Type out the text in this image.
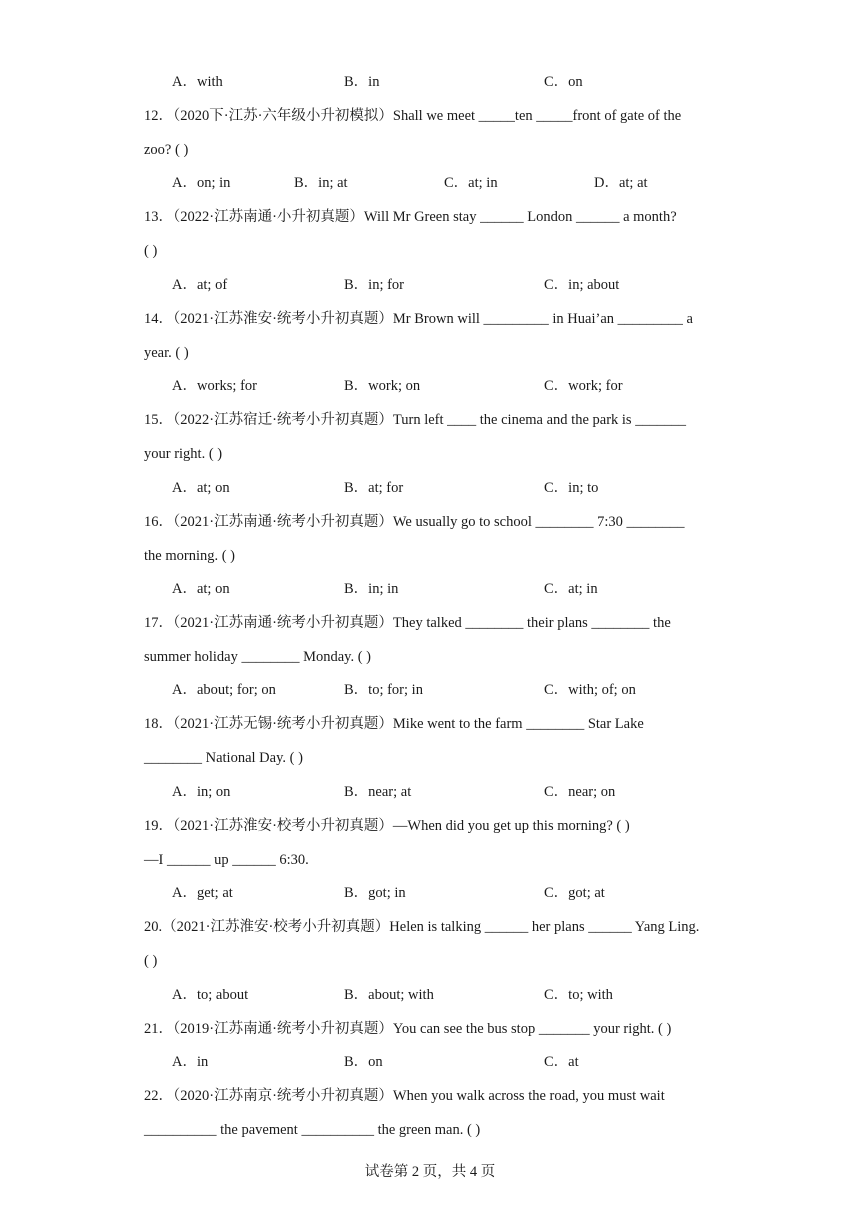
A．with	B．in	C．on
12．（2020下·江苏·六年级小升初模拟）Shall we meet _____ten _____front of gate of the
zoo? ( )
A．on; in	B．in; at	C．at; in	D．at; at
13．（2022·江苏南通·小升初真题）Will Mr Green stay ______ London ______ a month?
( )
A．at; of	B．in; for	C．in; about
14．（2021·江苏淮安·统考小升初真题）Mr Brown will _________ in Huai’an _________ a
year. ( )
A．works; for	B．work; on	C．work; for
15．（2022·江苏宿迁·统考小升初真题）Turn left ____ the cinema and the park is _______
your right. ( )
A．at; on	B．at; for	C．in; to
16．（2021·江苏南通·统考小升初真题）We usually go to school ________ 7:30 ________
the morning. ( )
A．at; on	B．in; in	C．at; in
17．（2021·江苏南通·统考小升初真题）They talked ________ their plans ________ the
summer holiday ________ Monday. ( )
A．about; for; on	B．to; for; in	C．with; of; on
18．（2021·江苏无锡·统考小升初真题）Mike went to the farm ________ Star Lake
________ National Day. ( )
A．in; on	B．near; at	C．near; on
19．（2021·江苏淮安·校考小升初真题）—When did you get up this morning? ( )
—I ______ up ______ 6:30.
A．get; at	B．got; in	C．got; at
20.（2021·江苏淮安·校考小升初真题）Helen is talking ______ her plans ______ Yang Ling.
( )
A．to; about	B．about; with	C．to; with
21．（2019·江苏南通·统考小升初真题）You can see the bus stop _______ your right. ( )
A．in	B．on	C．at
22．（2020·江苏南京·统考小升初真题）When you walk across the road, you must wait
__________ the pavement __________ the green man. ( )
试卷第 2 页，共 4 页
